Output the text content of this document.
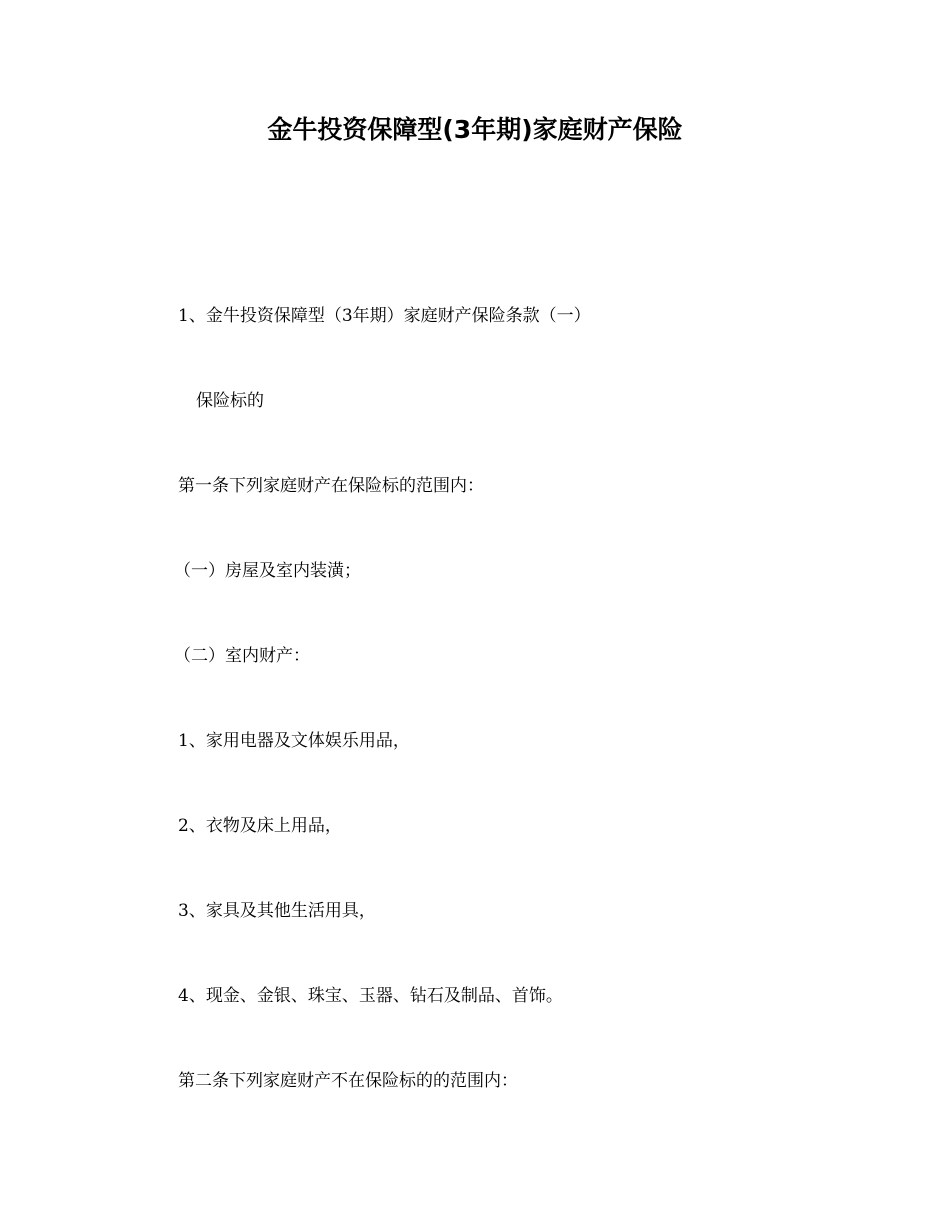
金牛投资保障型(3年期)家庭财产保险
1、金牛投资保障型（3年期）家庭财产保险条款（一）
保险标的
第一条下列家庭财产在保险标的范围内：
（一）房屋及室内装潢；
（二）室内财产：
1、家用电器及文体娱乐用品，
2、衣物及床上用品，
3、家具及其他生活用具，
4、现金、金银、珠宝、玉器、钻石及制品、首饰。
第二条下列家庭财产不在保险标的的范围内：
